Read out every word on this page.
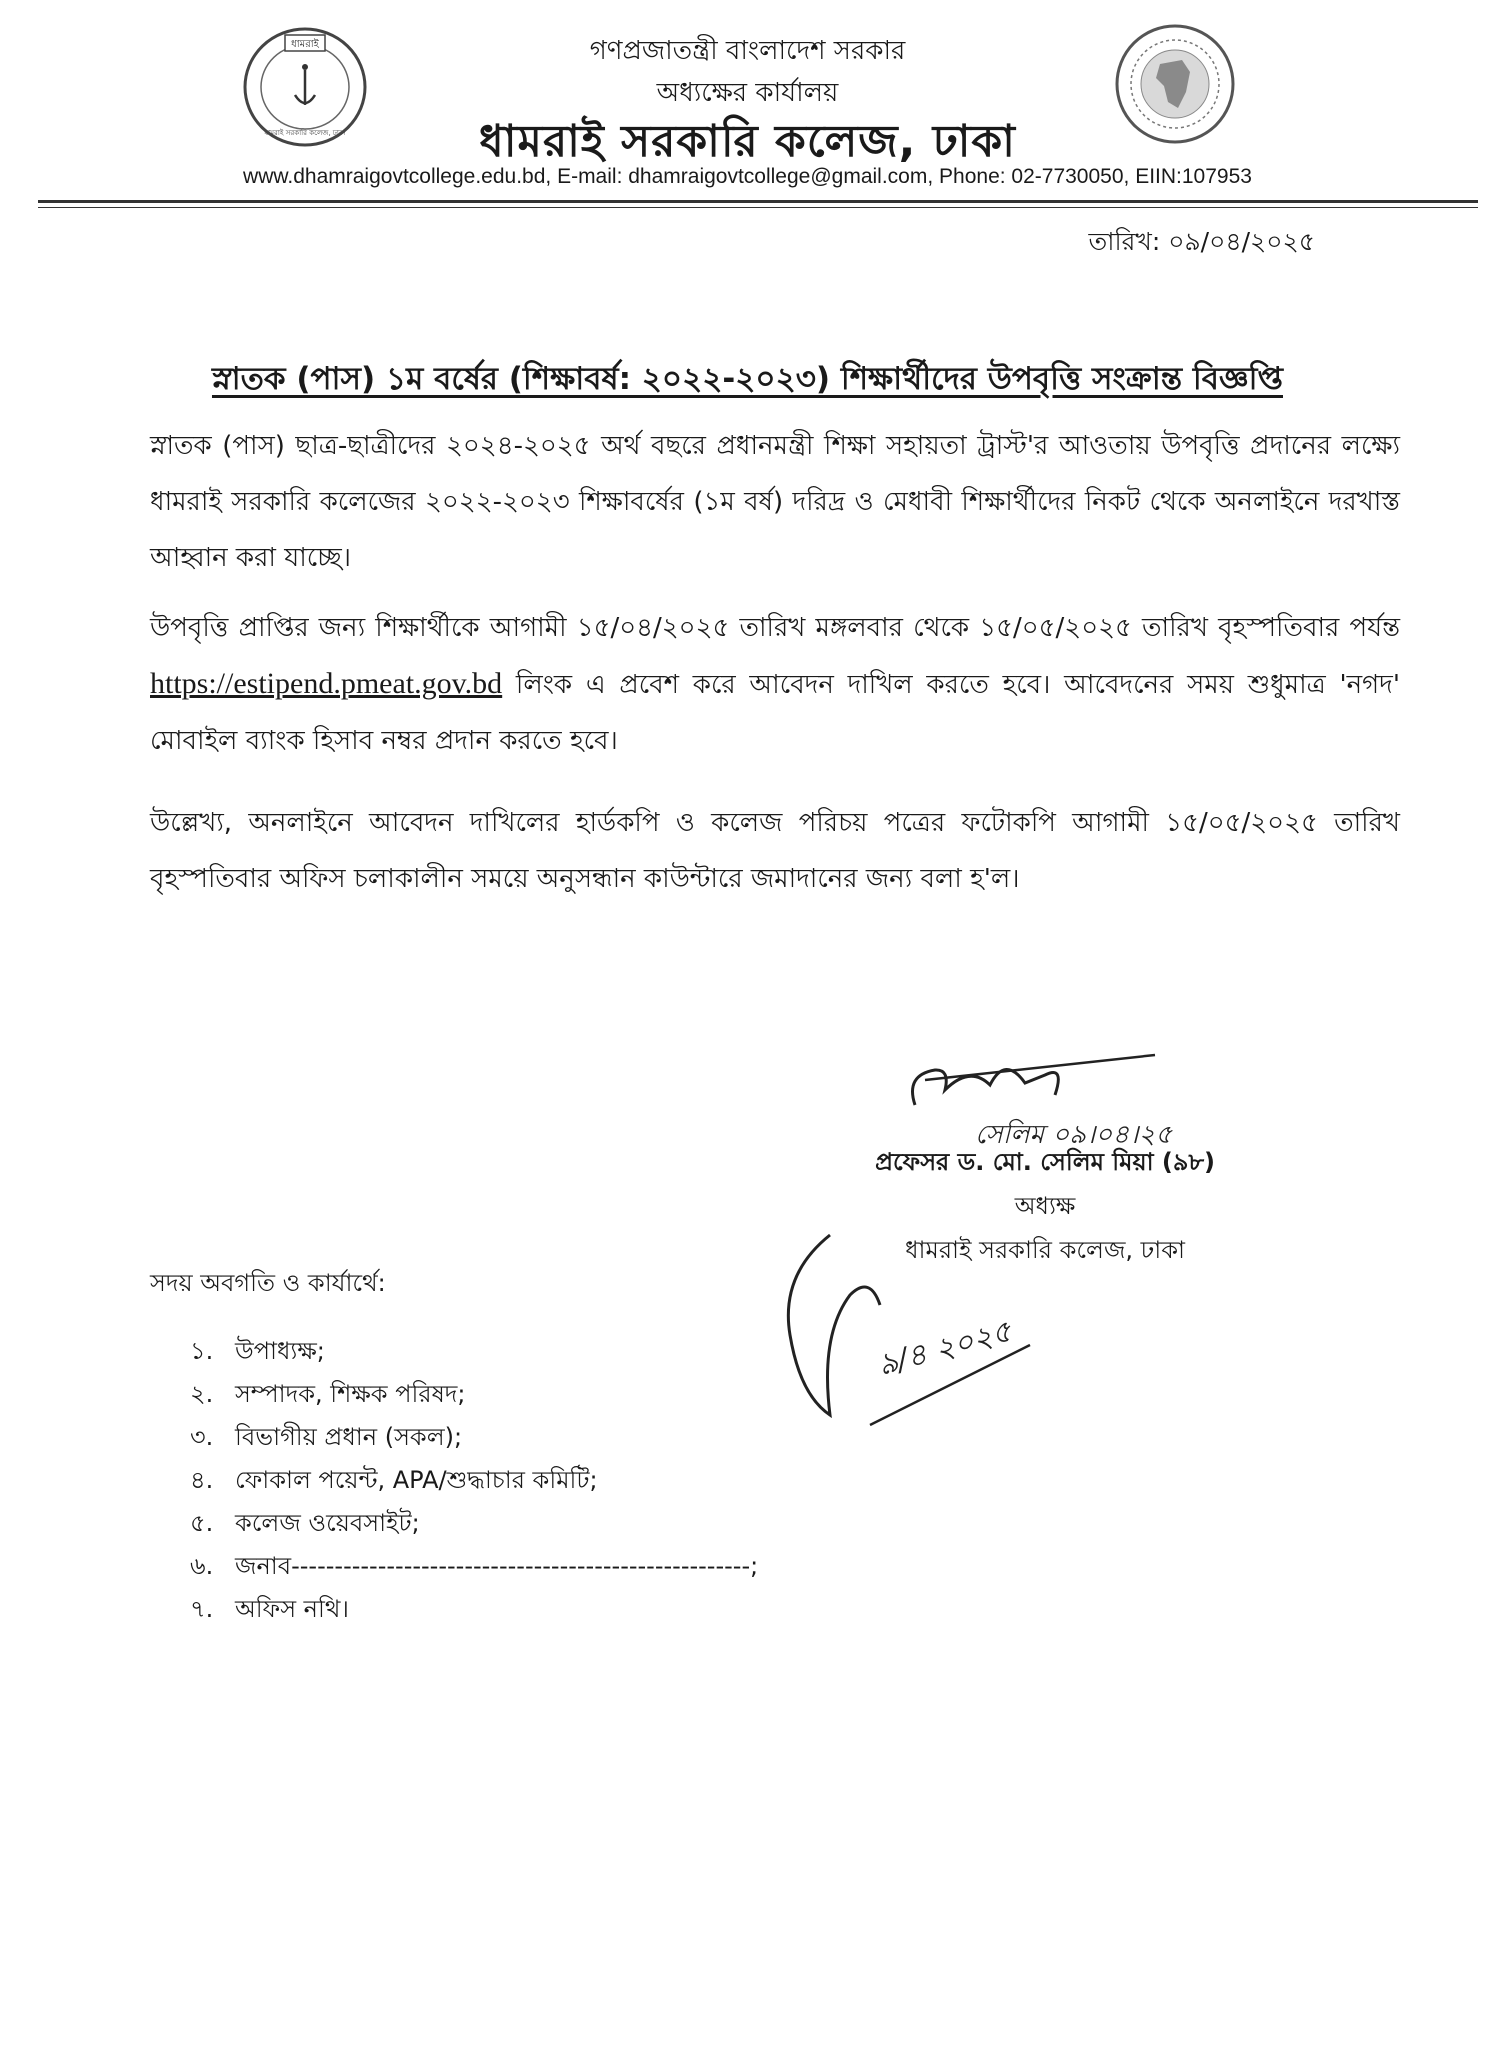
ধামরাই
ধামরাই সরকারি কলেজ, ঢাকা
গণপ্রজাতন্ত্রী বাংলাদেশ সরকার
অধ্যক্ষের কার্যালয়
ধামরাই সরকারি কলেজ, ঢাকা
www.dhamraigovtcollege.edu.bd, E-mail: dhamraigovtcollege@gmail.com, Phone: 02-7730050, EIIN:107953
তারিখ: ০৯/০৪/২০২৫
স্নাতক (পাস) ১ম বর্ষের (শিক্ষাবর্ষ: ২০২২-২০২৩) শিক্ষার্থীদের উপবৃত্তি সংক্রান্ত বিজ্ঞপ্তি
স্নাতক (পাস) ছাত্র-ছাত্রীদের ২০২৪-২০২৫ অর্থ বছরে প্রধানমন্ত্রী শিক্ষা সহায়তা ট্রাস্ট'র আওতায় উপবৃত্তি প্রদানের লক্ষ্যে ধামরাই সরকারি কলেজের ২০২২-২০২৩ শিক্ষাবর্ষের (১ম বর্ষ) দরিদ্র ও মেধাবী শিক্ষার্থীদের নিকট থেকে অনলাইনে দরখাস্ত আহ্বান করা যাচ্ছে।
উপবৃত্তি প্রাপ্তির জন্য শিক্ষার্থীকে আগামী ১৫/০৪/২০২৫ তারিখ মঙ্গলবার থেকে ১৫/০৫/২০২৫ তারিখ বৃহস্পতিবার পর্যন্ত https://estipend.pmeat.gov.bd লিংক এ প্রবেশ করে আবেদন দাখিল করতে হবে। আবেদনের সময় শুধুমাত্র 'নগদ' মোবাইল ব্যাংক হিসাব নম্বর প্রদান করতে হবে।
উল্লেখ্য, অনলাইনে আবেদন দাখিলের হার্ডকপি ও কলেজ পরিচয় পত্রের ফটোকপি আগামী ১৫/০৫/২০২৫ তারিখ বৃহস্পতিবার অফিস চলাকালীন সময়ে অনুসন্ধান কাউন্টারে জমাদানের জন্য বলা হ'ল।
সেলিম ০৯।০৪।২৫
প্রফেসর ড. মো. সেলিম মিয়া (৯৮)
অধ্যক্ষ
ধামরাই সরকারি কলেজ, ঢাকা
৯/৪ ২০২৫
সদয় অবগতি ও কার্যার্থে:
১. উপাধ্যক্ষ;
২. সম্পাদক, শিক্ষক পরিষদ;
৩. বিভাগীয় প্রধান (সকল);
৪. ফোকাল পয়েন্ট, APA/শুদ্ধাচার কমিটি;
৫. কলেজ ওয়েবসাইট;
৬. জনাব-----------------------------------------------------;
৭. অফিস নথি।
